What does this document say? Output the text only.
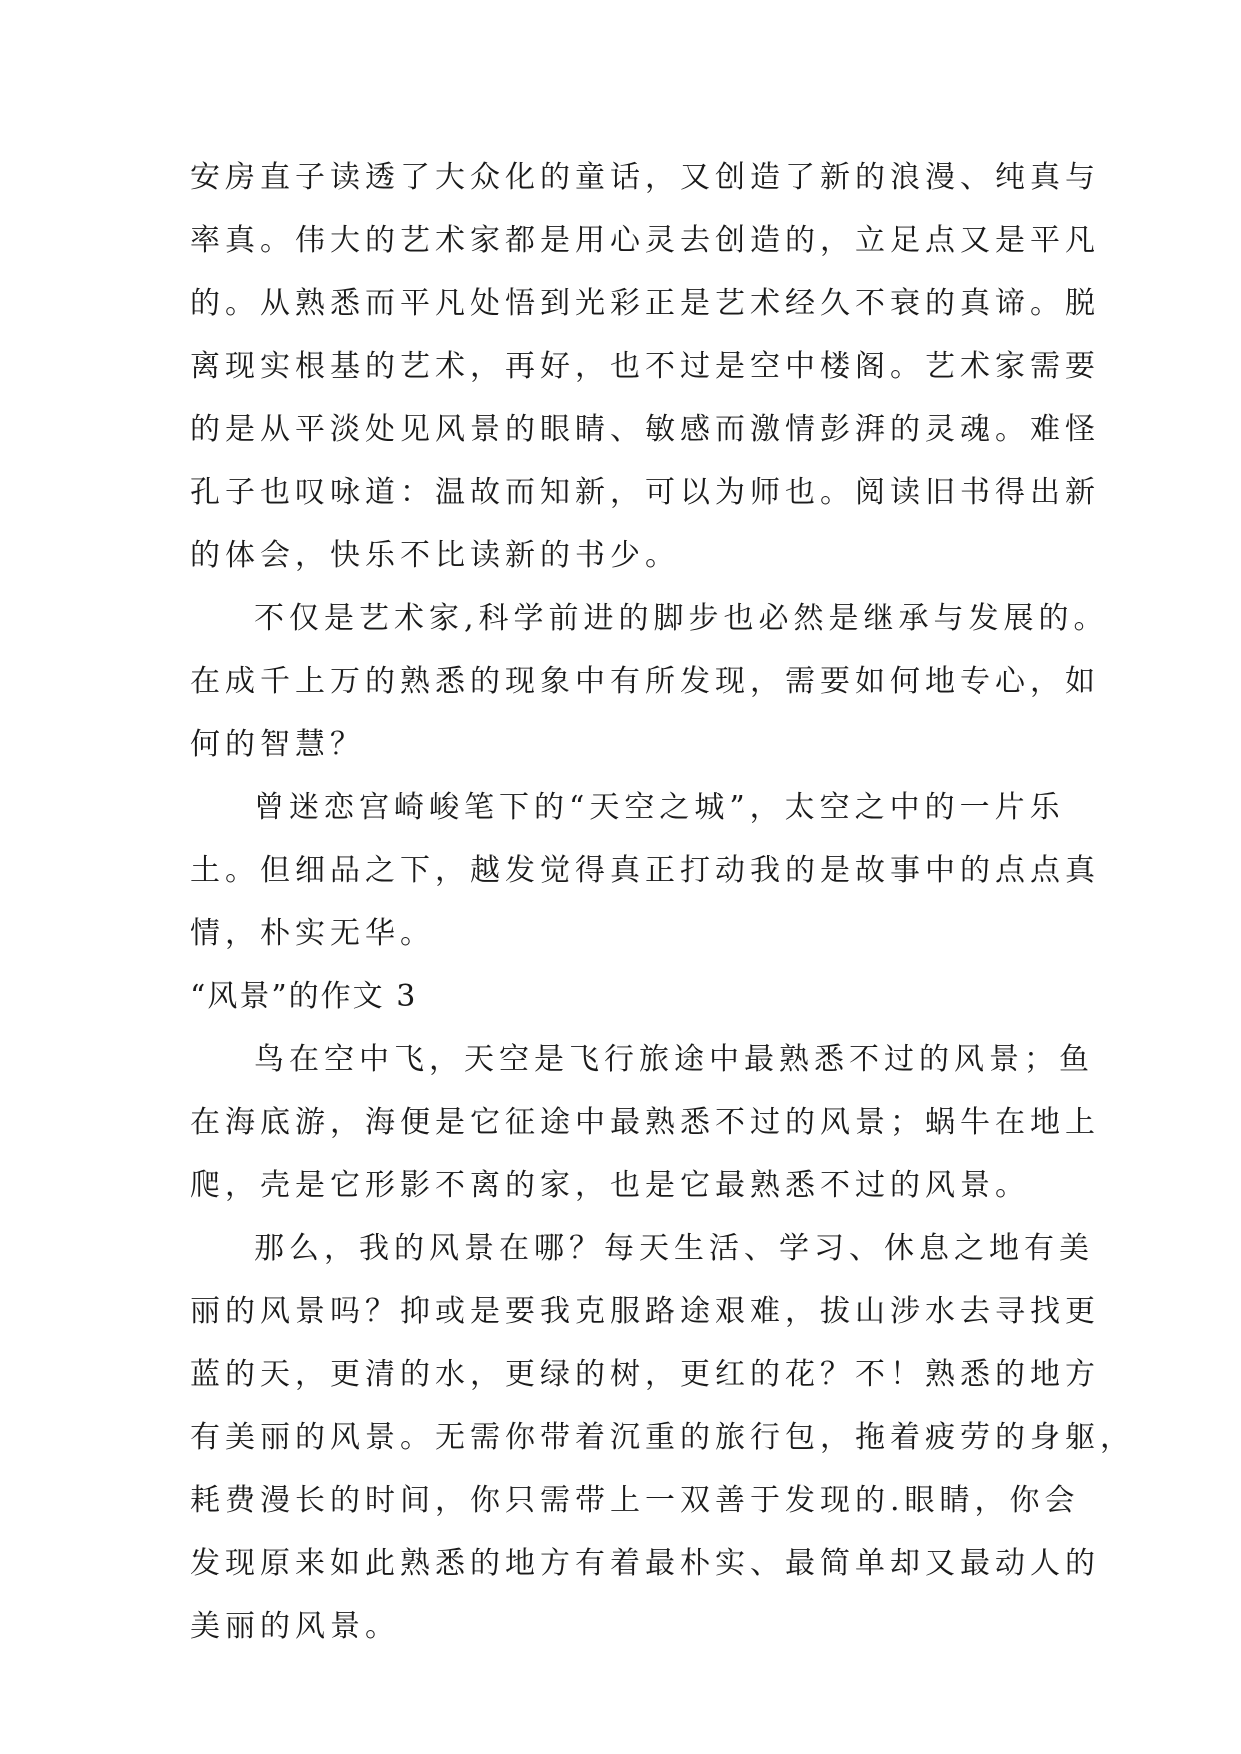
安房直子读透了大众化的童话，又创造了新的浪漫、纯真与
率真。伟大的艺术家都是用心灵去创造的，立足点又是平凡
的。从熟悉而平凡处悟到光彩正是艺术经久不衰的真谛。脱
离现实根基的艺术，再好，也不过是空中楼阁。艺术家需要
的是从平淡处见风景的眼睛、敏感而激情彭湃的灵魂。难怪
孔子也叹咏道：温故而知新，可以为师也。阅读旧书得出新
的体会，快乐不比读新的书少。
不仅是艺术家,科学前进的脚步也必然是继承与发展的。
在成千上万的熟悉的现象中有所发现，需要如何地专心，如
何的智慧？
曾迷恋宫崎峻笔下的“天空之城”，太空之中的一片乐
土。但细品之下，越发觉得真正打动我的是故事中的点点真
情，朴实无华。
“风景”的作文 3
鸟在空中飞，天空是飞行旅途中最熟悉不过的风景；鱼
在海底游，海便是它征途中最熟悉不过的风景；蜗牛在地上
爬，壳是它形影不离的家，也是它最熟悉不过的风景。
那么，我的风景在哪？每天生活、学习、休息之地有美
丽的风景吗？抑或是要我克服路途艰难，拔山涉水去寻找更
蓝的天，更清的水，更绿的树，更红的花？不！熟悉的地方
有美丽的风景。无需你带着沉重的旅行包，拖着疲劳的身躯，
耗费漫长的时间，你只需带上一双善于发现的.眼睛，你会
发现原来如此熟悉的地方有着最朴实、最简单却又最动人的
美丽的风景。
